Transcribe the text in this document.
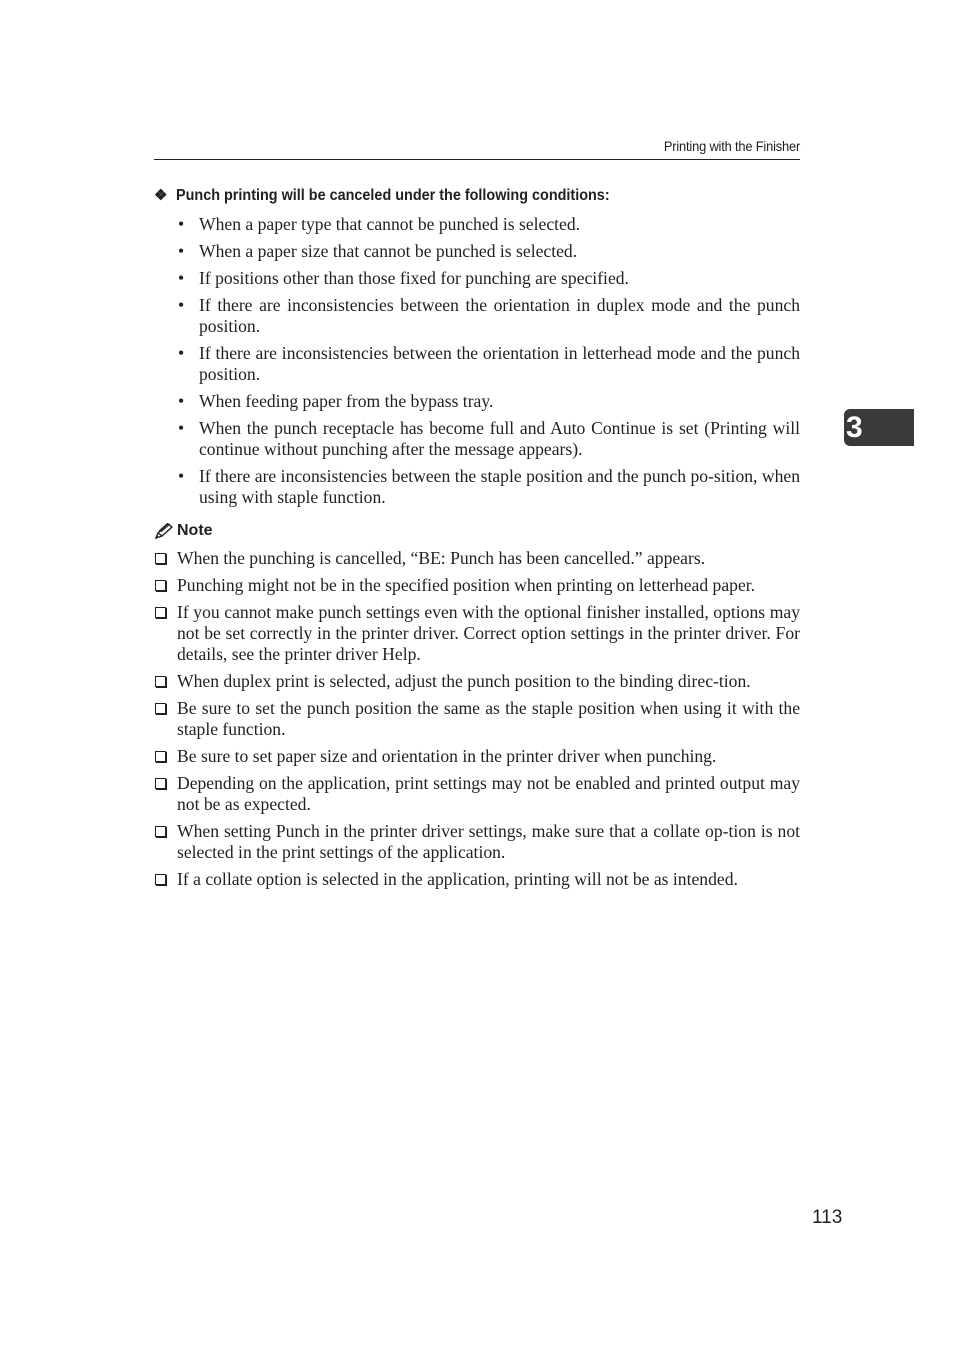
Printing with the Finisher
❖ Punch printing will be canceled under the following conditions:
• When a paper type that cannot be punched is selected.
• When a paper size that cannot be punched is selected.
• If positions other than those fixed for punching are specified.
• If there are inconsistencies between the orientation in duplex mode and the punch position.
• If there are inconsistencies between the orientation in letterhead mode and the punch position.
• When feeding paper from the bypass tray.
• When the punch receptacle has become full and Auto Continue is set (Printing will continue without punching after the message appears).
• If there are inconsistencies between the staple position and the punch po-sition, when using with staple function.
Note
When the punching is cancelled, “BE: Punch has been cancelled.” appears.
Punching might not be in the specified position when printing on letterhead paper.
If you cannot make punch settings even with the optional finisher installed, options may not be set correctly in the printer driver. Correct option settings in the printer driver. For details, see the printer driver Help.
When duplex print is selected, adjust the punch position to the binding direc-tion.
Be sure to set the punch position the same as the staple position when using it with the staple function.
Be sure to set paper size and orientation in the printer driver when punching.
Depending on the application, print settings may not be enabled and printed output may not be as expected.
When setting Punch in the printer driver settings, make sure that a collate op-tion is not selected in the print settings of the application.
If a collate option is selected in the application, printing will not be as intended.
3
113
